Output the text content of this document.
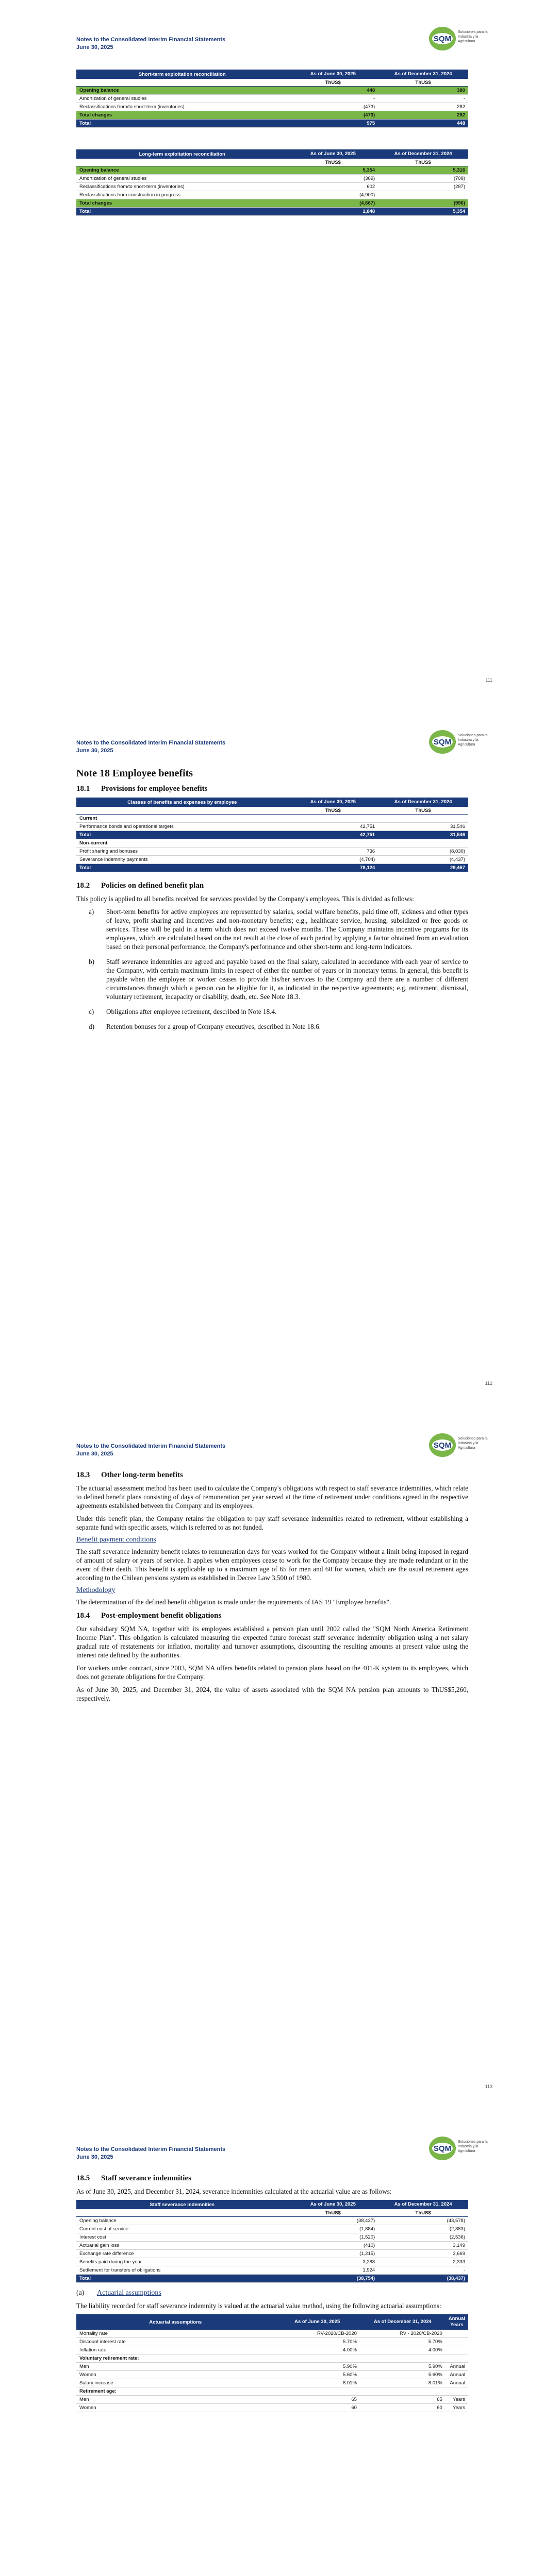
Notes to the Consolidated Interim Financial Statements
June 30, 2025
SQM
Soluciones para la Industria y la Agricultura
Short-term exploitation reconciliation	As of June 30, 2025	As of December 31, 2024
	ThUS$	ThUS$
Opening balance	448	380
Amortization of general studies	-	-
Reclassifications from/to short-term (inventories)	(473)	282
Total changes	(473)	282
Total	975	448
Long-term exploitation reconciliation	As of June 30, 2025	As of December 31, 2024
	ThUS$	ThUS$
Opening balance	5,354	5,316
Amortization of general studies	(369)	(709)
Reclassifications from/to short-term (inventories)	602	(287)
Reclassifications from construction in progress	(4,900)	-
Total changes	(4,667)	(996)
Total	1,848	5,354
111
Notes to the Consolidated Interim Financial Statements
June 30, 2025
SQM
Soluciones para la Industria y la Agricultura
Note 18 Employee benefits
18.1 Provisions for employee benefits
Classes of benefits and expenses by employee	As of June 30, 2025	As of December 31, 2024
	ThUS$	ThUS$
Current		
Performance bonds and operational targets	42,751	31,546
Total	42,751	31,546
Non-current		
Profit sharing and bonuses	736	(8,030)
Severance indemnity payments	(4,704)	(4,437)
Total	78,124	29,467
18.2 Policies on defined benefit plan

This policy is applied to all benefits received for services provided by the Company's employees. This is divided as follows:

a) Short-term benefits for active employees are represented by salaries, social welfare benefits, paid time off, sickness and other types of leave, profit sharing and incentives and non-monetary benefits; e.g., healthcare service, housing, subsidized or free goods or services. These will be paid in a term which does not exceed twelve months. The Company maintains incentive programs for its employees, which are calculated based on the net result at the close of each period by applying a factor obtained from an evaluation based on their personal performance, the Company's performance and other short-term and long-term indicators.
b) Staff severance indemnities are agreed and payable based on the final salary, calculated in accordance with each year of service to the Company, with certain maximum limits in respect of either the number of years or in monetary terms. In general, this benefit is payable when the employee or worker ceases to provide his/her services to the Company and there are a number of different circumstances through which a person can be eligible for it, as indicated in the respective agreements; e.g. retirement, dismissal, voluntary retirement, incapacity or disability, death, etc. See Note 18.3.
c) Obligations after employee retirement, described in Note 18.4.
d) Retention bonuses for a group of Company executives, described in Note 18.6.
112
Notes to the Consolidated Interim Financial Statements
June 30, 2025
SQM
Soluciones para la Industria y la Agricultura
18.3 Other long-term benefits

The actuarial assessment method has been used to calculate the Company's obligations with respect to staff severance indemnities, which relate to defined benefit plans consisting of days of remuneration per year served at the time of retirement under conditions agreed in the respective agreements established between the Company and its employees.

Under this benefit plan, the Company retains the obligation to pay staff severance indemnities related to retirement, without establishing a separate fund with specific assets, which is referred to as not funded.

Benefit payment conditions

The staff severance indemnity benefit relates to remuneration days for years worked for the Company without a limit being imposed in regard of amount of salary or years of service. It applies when employees cease to work for the Company because they are made redundant or in the event of their death. This benefit is applicable up to a maximum age of 65 for men and 60 for women, which are the usual retirement ages according to the Chilean pensions system as established in Decree Law 3,500 of 1980.

Methodology

The determination of the defined benefit obligation is made under the requirements of IAS 19 "Employee benefits".

18.4 Post-employment benefit obligations

Our subsidiary SQM NA, together with its employees established a pension plan until 2002 called the "SQM North America Retirement Income Plan". This obligation is calculated measuring the expected future forecast staff severance indemnity obligation using a net salary gradual rate of restatements for inflation, mortality and turnover assumptions, discounting the resulting amounts at present value using the interest rate defined by the authorities.

For workers under contract, since 2003, SQM NA offers benefits related to pension plans based on the 401-K system to its employees, which does not generate obligations for the Company.

As of June 30, 2025, and December 31, 2024, the value of assets associated with the SQM NA pension plan amounts to ThUS$5,260, respectively.

113
Notes to the Consolidated Interim Financial Statements
June 30, 2025
SQM
Soluciones para la Industria y la Agricultura
18.5 Staff severance indemnities

As of June 30, 2025, and December 31, 2024, severance indemnities calculated at the actuarial value are as follows:

Staff severance indemnities	As of June 30, 2025	As of December 31, 2024
	ThUS$	ThUS$
Opening balance	(38,437)	(43,578)
Current cost of service	(1,884)	(2,883)
Interest cost	(1,520)	(2,536)
Actuarial gain loss	(410)	3,149
Exchange rate difference	(1,215)	3,669
Benefits paid during the year	3,288	2,333
Settlement for transfers of obligations	1,924	-
Total	(38,754)	(38,437)
(a) Actuarial assumptions

The liability recorded for staff severance indemnity is valued at the actuarial value method, using the following actuarial assumptions:

Actuarial assumptions	As of June 30, 2025	As of December 31, 2024	Annual Years
Mortality rate	RV-2020/CB-2020	RV - 2020/CB-2020	
Discount interest rate	5.70%	5.70%	
Inflation rate	4.00%	4.00%	
Voluntary retirement rate:			
Men	5.90%	5.90%	Annual
Women	5.60%	5.60%	Annual
Salary increase	8.01%	8.01%	Annual
Retirement age:			
Men	65	65	Years
Women	60	60	Years
